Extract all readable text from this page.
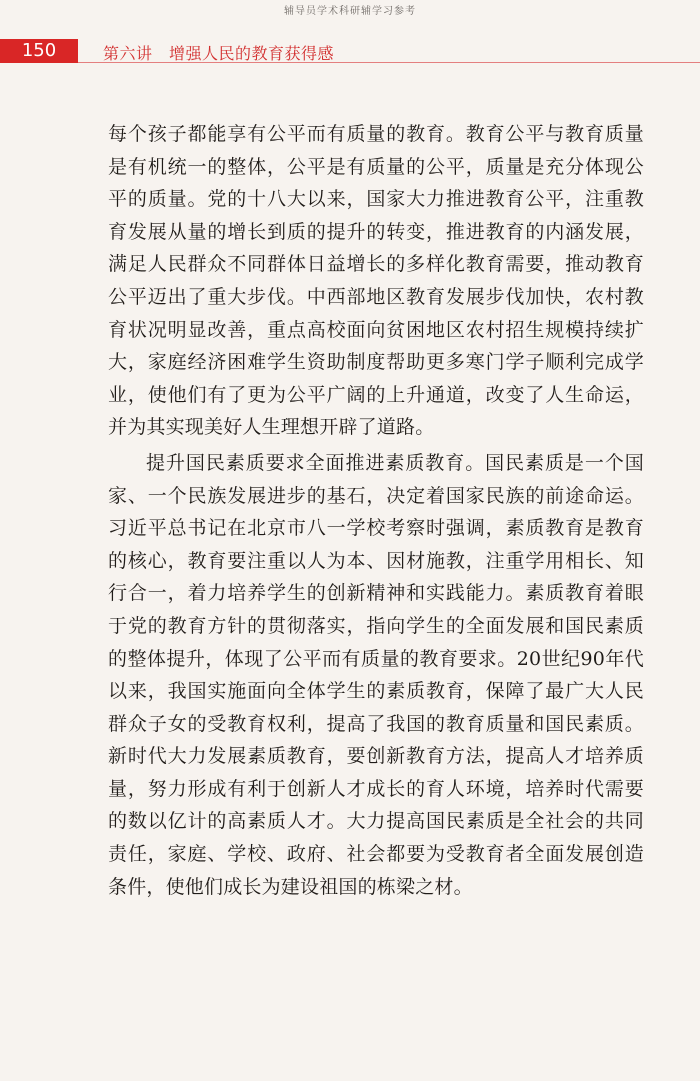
辅导员学术科研辅学习参考
150	第六讲　增强人民的教育获得感

每个孩子都能享有公平而有质量的教育。教育公平与教育质量是有机统一的整体，公平是有质量的公平，质量是充分体现公平的质量。党的十八大以来，国家大力推进教育公平，注重教育发展从量的增长到质的提升的转变，推进教育的内涵发展，满足人民群众不同群体日益增长的多样化教育需要，推动教育公平迈出了重大步伐。中西部地区教育发展步伐加快，农村教育状况明显改善，重点高校面向贫困地区农村招生规模持续扩大，家庭经济困难学生资助制度帮助更多寒门学子顺利完成学业，使他们有了更为公平广阔的上升通道，改变了人生命运，并为其实现美好人生理想开辟了道路。

提升国民素质要求全面推进素质教育。国民素质是一个国家、一个民族发展进步的基石，决定着国家民族的前途命运。习近平总书记在北京市八一学校考察时强调，素质教育是教育的核心，教育要注重以人为本、因材施教，注重学用相长、知行合一，着力培养学生的创新精神和实践能力。素质教育着眼于党的教育方针的贯彻落实，指向学生的全面发展和国民素质的整体提升，体现了公平而有质量的教育要求。20世纪90年代以来，我国实施面向全体学生的素质教育，保障了最广大人民群众子女的受教育权利，提高了我国的教育质量和国民素质。新时代大力发展素质教育，要创新教育方法，提高人才培养质量，努力形成有利于创新人才成长的育人环境，培养时代需要的数以亿计的高素质人才。大力提高国民素质是全社会的共同责任，家庭、学校、政府、社会都要为受教育者全面发展创造条件，使他们成长为建设祖国的栋梁之材。
